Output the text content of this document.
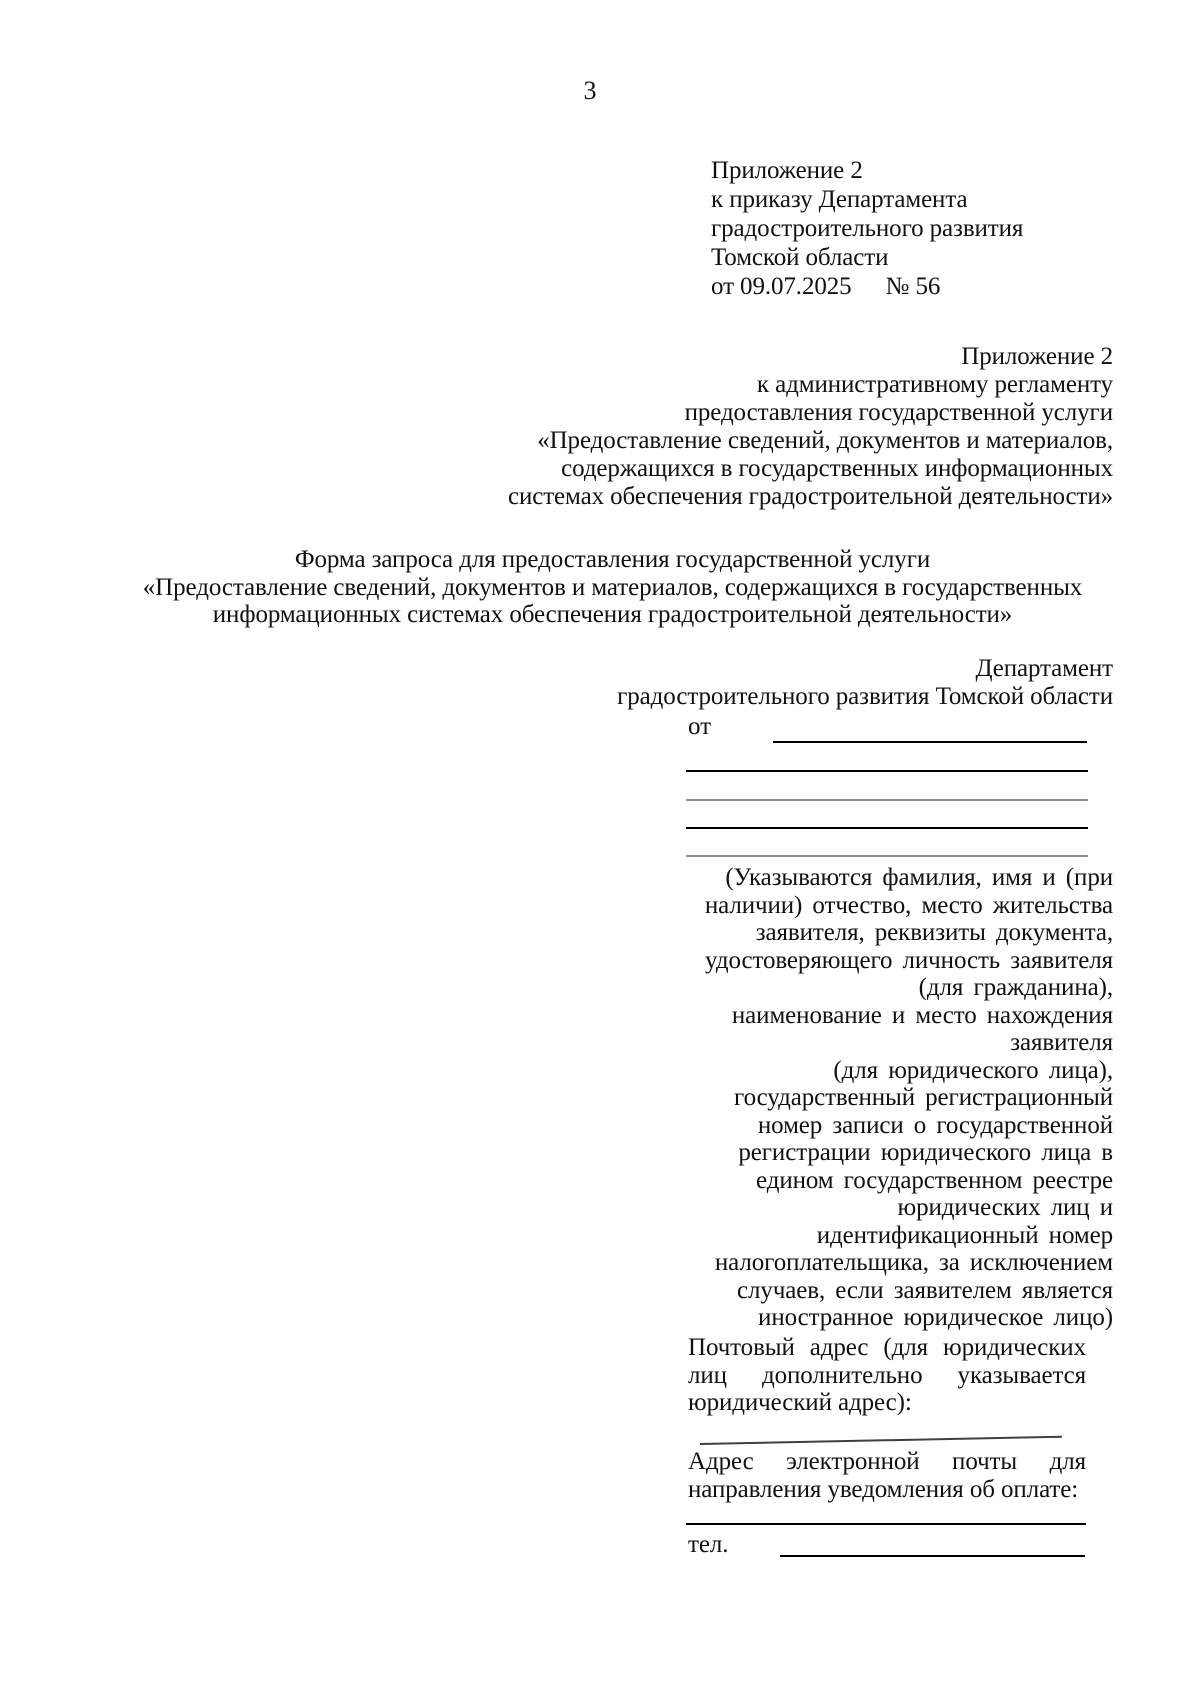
3
Приложение 2
к приказу Департамента
градостроительного развития
Томской области
от 09.07.2025 № 56
Приложение 2
к административному регламенту
предоставления государственной услуги
«Предоставление сведений, документов и материалов,
содержащихся в государственных информационных
системах обеспечения градостроительной деятельности»
Форма запроса для предоставления государственной услуги
«Предоставление сведений, документов и материалов, содержащихся в государственных
информационных системах обеспечения градостроительной деятельности»
Департамент
градостроительного развития Томской области
от
(Указываются фамилия, имя и (при
наличии) отчество, место жительства
заявителя, реквизиты документа,
удостоверяющего личность заявителя
(для гражданина),
наименование и место нахождения
заявителя
(для юридического лица),
государственный регистрационный
номер записи о государственной
регистрации юридического лица в
едином государственном реестре
юридических лиц и
идентификационный номер
налогоплательщика, за исключением
случаев, если заявителем является
иностранное юридическое лицо)
Почтовый адрес (для юридических
лиц дополнительно указывается
юридический адрес):
Адрес электронной почты для
направления уведомления об оплате:
тел.
